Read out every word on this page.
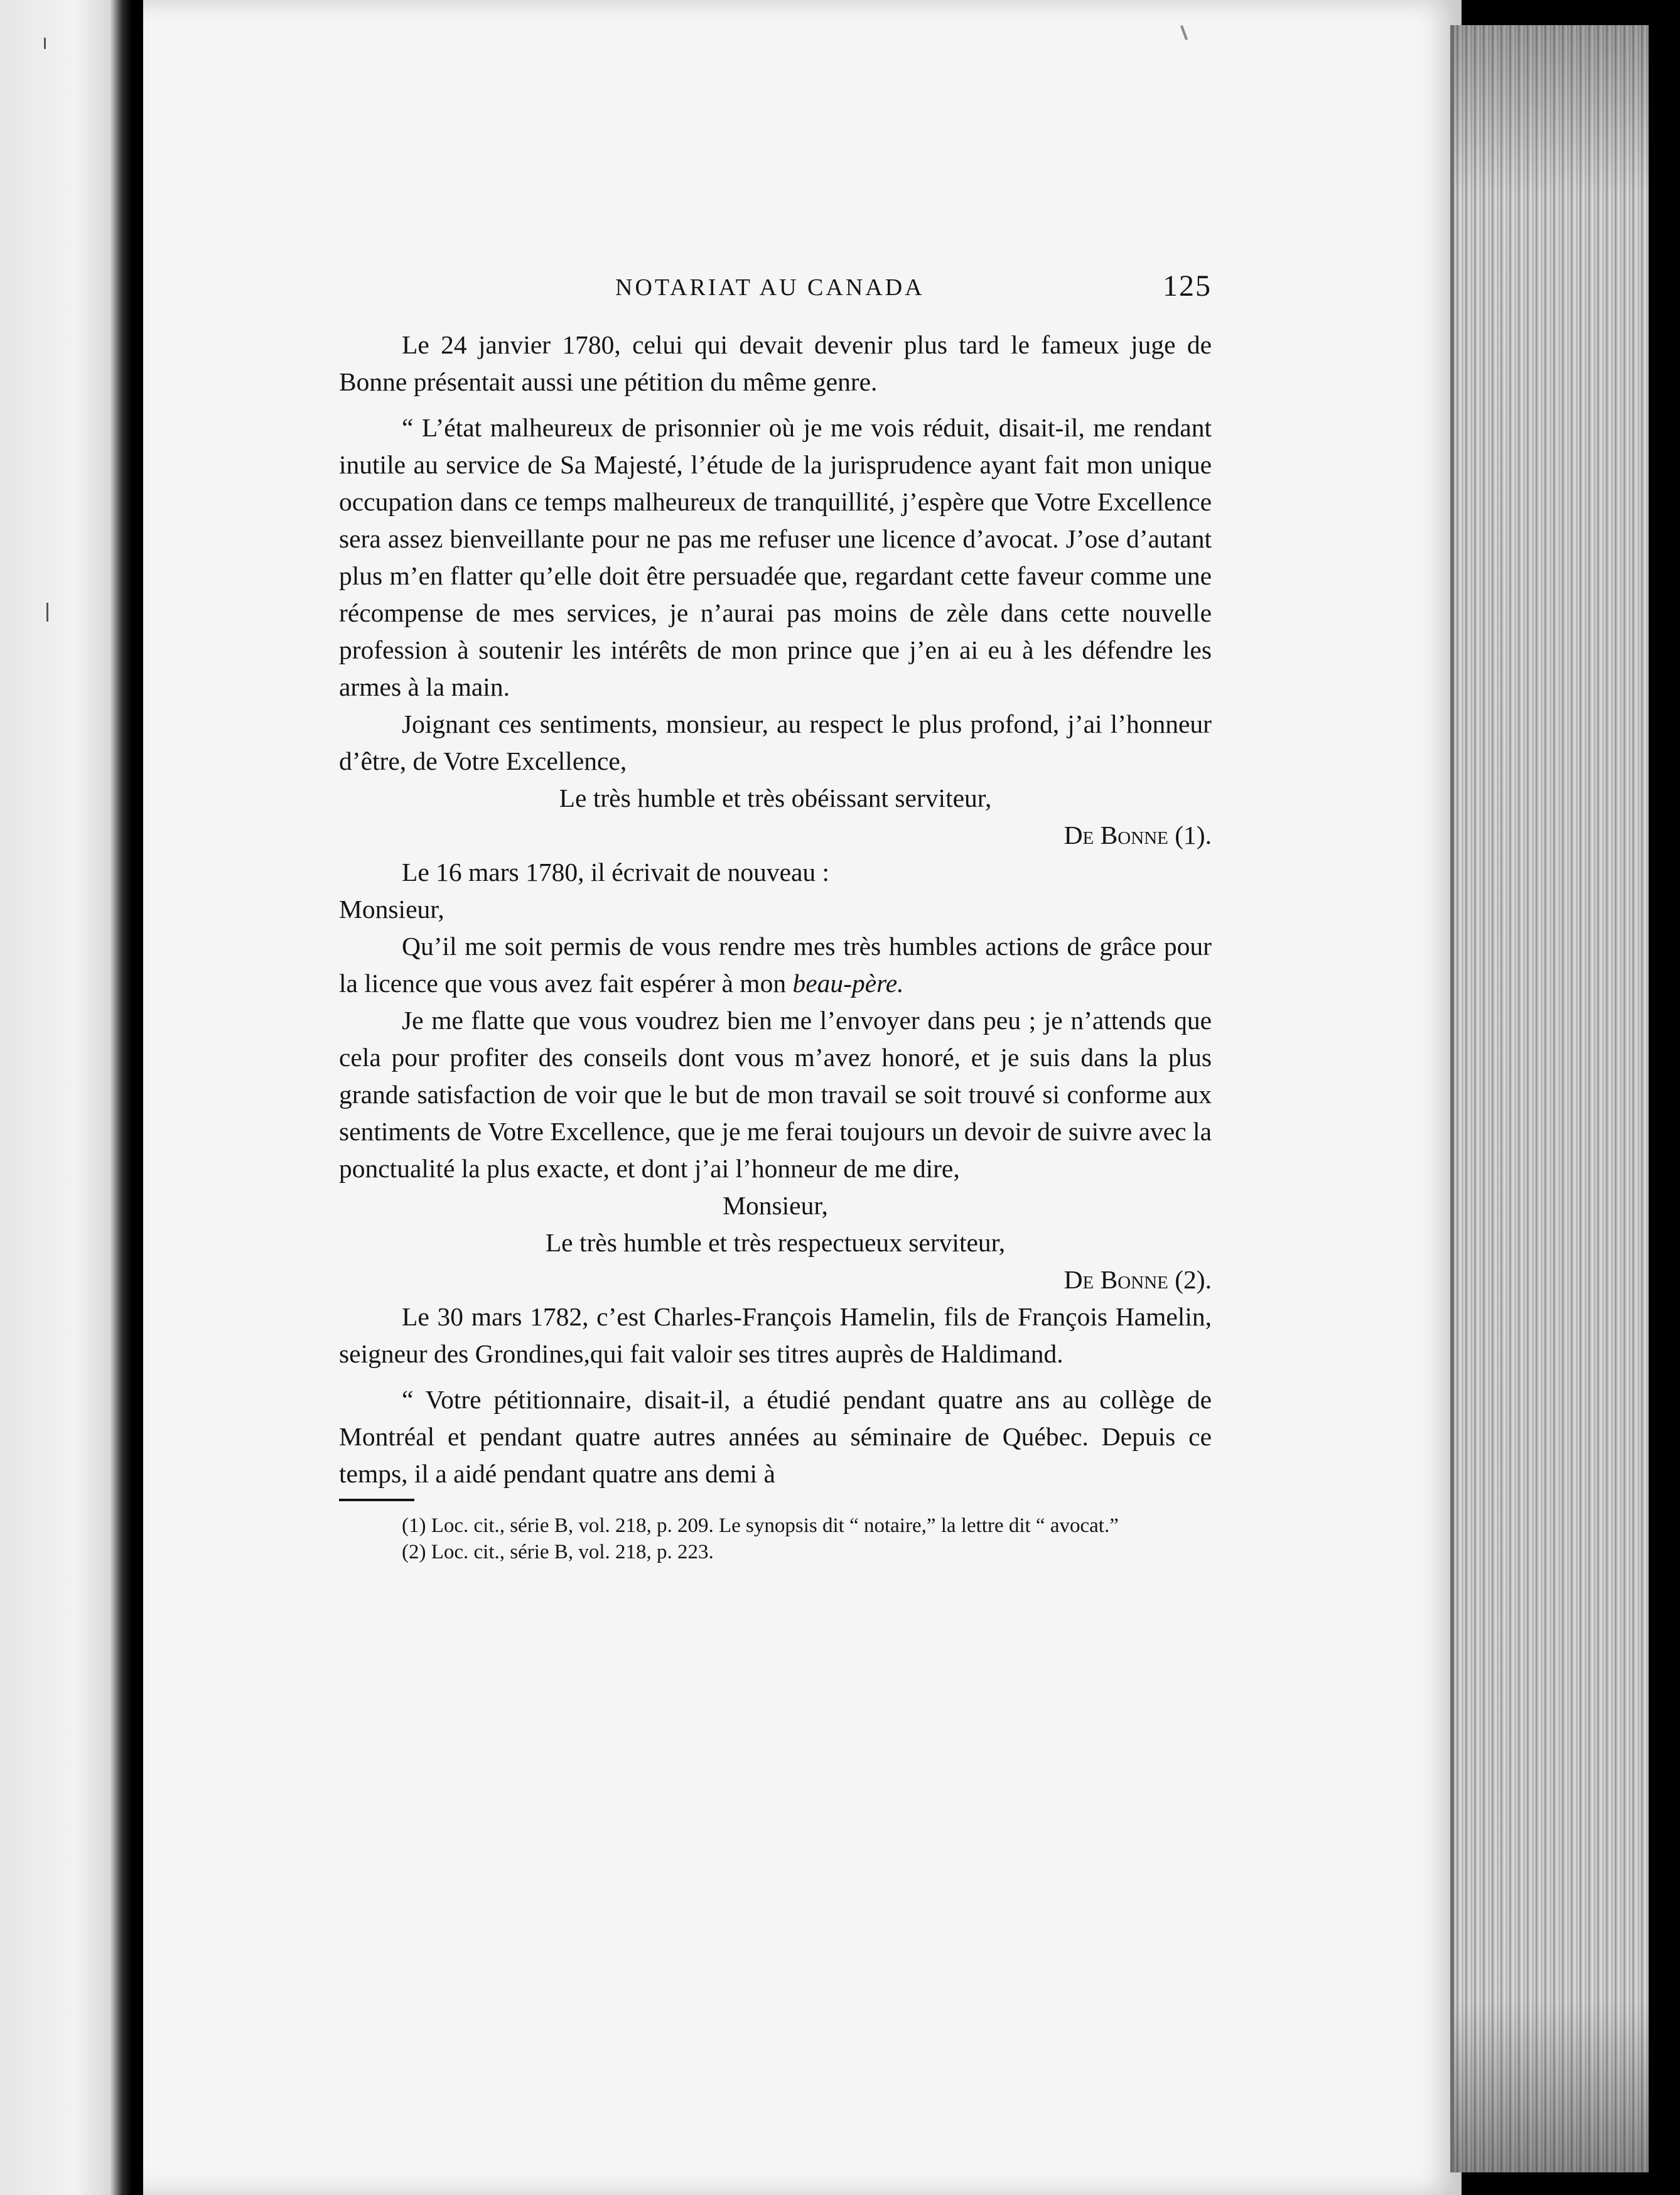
NOTARIAT AU CANADA	125

Le 24 janvier 1780, celui qui devait devenir plus tard le fameux juge de Bonne présentait aussi une pétition du même genre.

“ L’état malheureux de prisonnier où je me vois réduit, disait-il, me rendant inutile au service de Sa Majesté, l’étude de la jurisprudence ayant fait mon unique occupation dans ce temps malheureux de tranquillité, j’espère que Votre Excellence sera assez bienveillante pour ne pas me refuser une licence d’avocat. J’ose d’autant plus m’en flatter qu’elle doit être persuadée que, regardant cette faveur comme une récompense de mes services, je n’aurai pas moins de zèle dans cette nouvelle profession à soutenir les intérêts de mon prince que j’en ai eu à les défendre les armes à la main.

Joignant ces sentiments, monsieur, au respect le plus profond, j’ai l’honneur d’être, de Votre Excellence,

Le très humble et très obéissant serviteur,

De Bonne (1).

Le 16 mars 1780, il écrivait de nouveau :

Monsieur,

Qu’il me soit permis de vous rendre mes très humbles actions de grâce pour la licence que vous avez fait espérer à mon beau-père.

Je me flatte que vous voudrez bien me l’envoyer dans peu ; je n’attends que cela pour profiter des conseils dont vous m’avez honoré, et je suis dans la plus grande satisfaction de voir que le but de mon travail se soit trouvé si conforme aux sentiments de Votre Excellence, que je me ferai toujours un devoir de suivre avec la ponctualité la plus exacte, et dont j’ai l’honneur de me dire,

Monsieur,

Le très humble et très respectueux serviteur,

De Bonne (2).

Le 30 mars 1782, c’est Charles-François Hamelin, fils de François Hamelin, seigneur des Grondines,qui fait valoir ses titres auprès de Haldimand.

“ Votre pétitionnaire, disait-il, a étudié pendant quatre ans au collège de Montréal et pendant quatre autres années au séminaire de Québec. Depuis ce temps, il a aidé pendant quatre ans demi à

(1) Loc. cit., série B, vol. 218, p. 209. Le synopsis dit “ notaire,” la lettre dit “ avocat.”

(2) Loc. cit., série B, vol. 218, p. 223.
